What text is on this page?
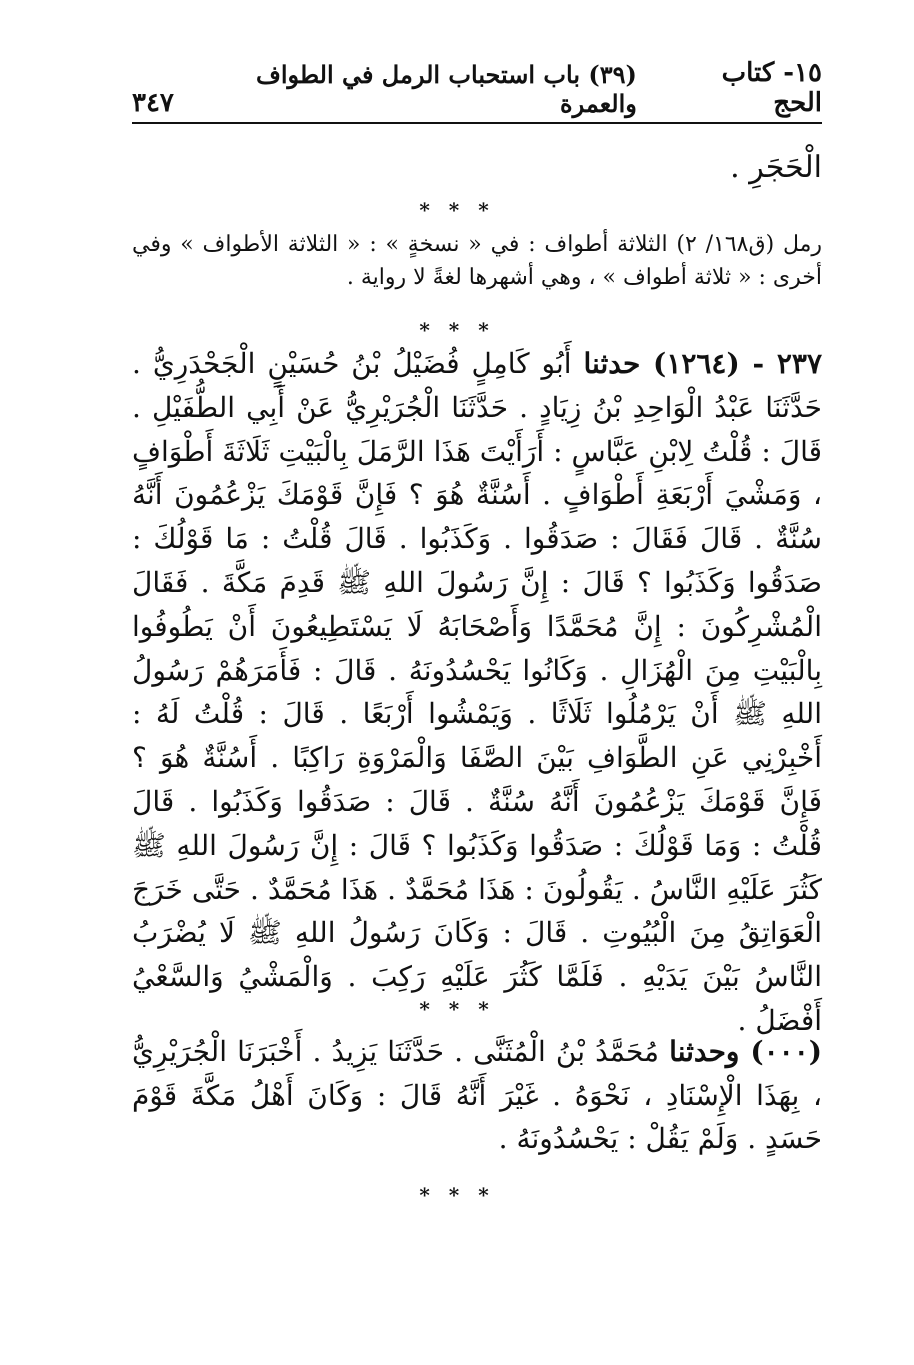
١٥- كتاب الحج
(٣٩) باب استحباب الرمل في الطواف والعمرة
٣٤٧
الْحَجَرِ .
* * *
رمل (ق١٦٨/ ٢) الثلاثة أطواف : في « نسخةٍ » : « الثلاثة الأطواف » وفي أخرى : « ثلاثة أطواف » ، وهي أشهرها لغةً لا رواية .
* * *
٢٣٧ - (١٢٦٤) حدثنا أَبُو كَامِلٍ فُضَيْلُ بْنُ حُسَيْنٍ الْجَحْدَرِيُّ . حَدَّثَنَا عَبْدُ الْوَاحِدِ بْنُ زِيَادٍ . حَدَّثَنَا الْجُرَيْرِيُّ عَنْ أَبِي الطُّفَيْلِ . قَالَ : قُلْتُ لِابْنِ عَبَّاسٍ : أَرَأَيْتَ هَذَا الرَّمَلَ بِالْبَيْتِ ثَلَاثَةَ أَطْوَافٍ ، وَمَشْيَ أَرْبَعَةِ أَطْوَافٍ . أَسُنَّةٌ هُوَ ؟ فَإِنَّ قَوْمَكَ يَزْعُمُونَ أَنَّهُ سُنَّةٌ . قَالَ فَقَالَ : صَدَقُوا . وَكَذَبُوا . قَالَ قُلْتُ : مَا قَوْلُكَ : صَدَقُوا وَكَذَبُوا ؟ قَالَ : إِنَّ رَسُولَ اللهِ ﷺ قَدِمَ مَكَّةَ . فَقَالَ الْمُشْرِكُونَ : إِنَّ مُحَمَّدًا وَأَصْحَابَهُ لَا يَسْتَطِيعُونَ أَنْ يَطُوفُوا بِالْبَيْتِ مِنَ الْهُزَالِ . وَكَانُوا يَحْسُدُونَهُ . قَالَ : فَأَمَرَهُمْ رَسُولُ اللهِ ﷺ أَنْ يَرْمُلُوا ثَلَاثًا . وَيَمْشُوا أَرْبَعًا . قَالَ : قُلْتُ لَهُ : أَخْبِرْنِي عَنِ الطَّوَافِ بَيْنَ الصَّفَا وَالْمَرْوَةِ رَاكِبًا . أَسُنَّةٌ هُوَ ؟ فَإِنَّ قَوْمَكَ يَزْعُمُونَ أَنَّهُ سُنَّةٌ . قَالَ : صَدَقُوا وَكَذَبُوا . قَالَ قُلْتُ : وَمَا قَوْلُكَ : صَدَقُوا وَكَذَبُوا ؟ قَالَ : إِنَّ رَسُولَ اللهِ ﷺ كَثُرَ عَلَيْهِ النَّاسُ . يَقُولُونَ : هَذَا مُحَمَّدٌ . هَذَا مُحَمَّدٌ . حَتَّى خَرَجَ الْعَوَاتِقُ مِنَ الْبُيُوتِ . قَالَ : وَكَانَ رَسُولُ اللهِ ﷺ لَا يُضْرَبُ النَّاسُ بَيْنَ يَدَيْهِ . فَلَمَّا كَثُرَ عَلَيْهِ رَكِبَ . وَالْمَشْيُ وَالسَّعْيُ أَفْضَلُ .
* * *
(٠٠٠) وحدثنا مُحَمَّدُ بْنُ الْمُثَنَّى . حَدَّثَنَا يَزِيدُ . أَخْبَرَنَا الْجُرَيْرِيُّ ، بِهَذَا الْإِسْنَادِ ، نَحْوَهُ . غَيْرَ أَنَّهُ قَالَ : وَكَانَ أَهْلُ مَكَّةَ قَوْمَ حَسَدٍ . وَلَمْ يَقُلْ : يَحْسُدُونَهُ .
* * *
